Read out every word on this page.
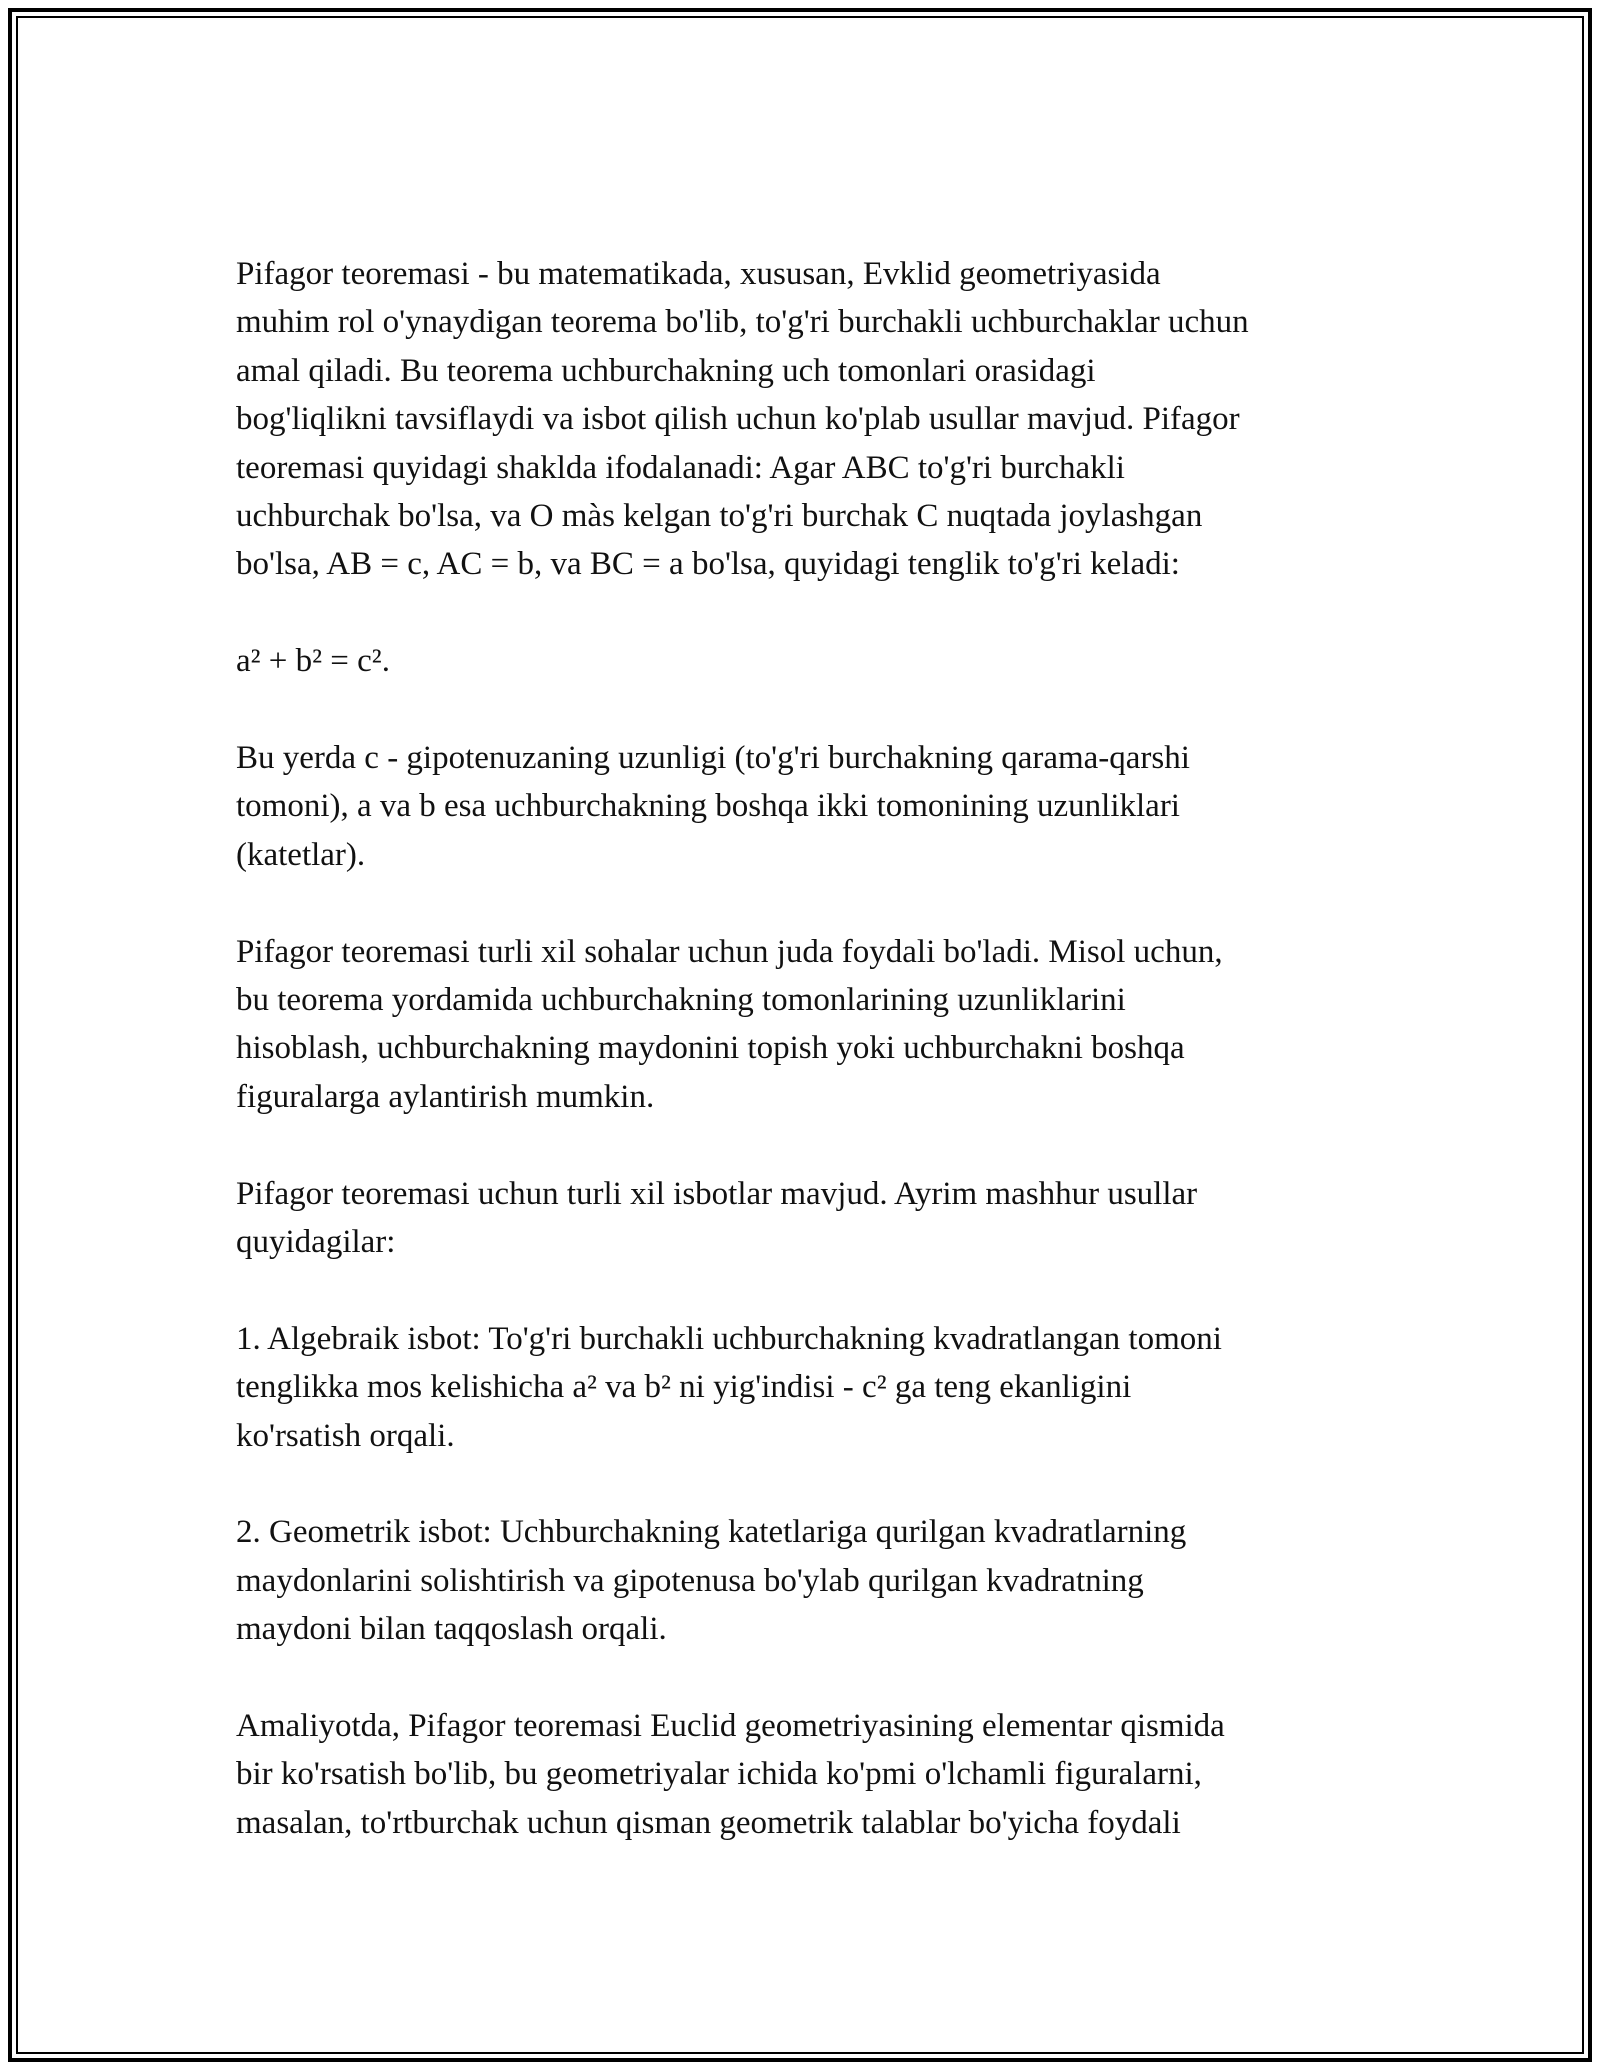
Pifagor teoremasi - bu matematikada, xususan, Evklid geometriyasida
muhim rol o'ynaydigan teorema bo'lib, to'g'ri burchakli uchburchaklar uchun
amal qiladi. Bu teorema uchburchakning uch tomonlari orasidagi
bog'liqlikni tavsiflaydi va isbot qilish uchun ko'plab usullar mavjud. Pifagor
teoremasi quyidagi shaklda ifodalanadi: Agar ABC to'g'ri burchakli
uchburchak bo'lsa, va O màs kelgan to'g'ri burchak C nuqtada joylashgan
bo'lsa, AB = c, AC = b, va BC = a bo'lsa, quyidagi tenglik to'g'ri keladi:

a² + b² = c².

Bu yerda c - gipotenuzaning uzunligi (to'g'ri burchakning qarama-qarshi
tomoni), a va b esa uchburchakning boshqa ikki tomonining uzunliklari
(katetlar).

Pifagor teoremasi turli xil sohalar uchun juda foydali bo'ladi. Misol uchun,
bu teorema yordamida uchburchakning tomonlarining uzunliklarini
hisoblash, uchburchakning maydonini topish yoki uchburchakni boshqa
figuralarga aylantirish mumkin.

Pifagor teoremasi uchun turli xil isbotlar mavjud. Ayrim mashhur usullar
quyidagilar:

1. Algebraik isbot: To'g'ri burchakli uchburchakning kvadratlangan tomoni
tenglikka mos kelishicha a² va b² ni yig'indisi - c² ga teng ekanligini
ko'rsatish orqali.

2. Geometrik isbot: Uchburchakning katetlariga qurilgan kvadratlarning
maydonlarini solishtirish va gipotenusa bo'ylab qurilgan kvadratning
maydoni bilan taqqoslash orqali.

Amaliyotda, Pifagor teoremasi Euclid geometriyasining elementar qismida
bir ko'rsatish bo'lib, bu geometriyalar ichida ko'pmi o'lchamli figuralarni,
masalan, to'rtburchak uchun qisman geometrik talablar bo'yicha foydali
